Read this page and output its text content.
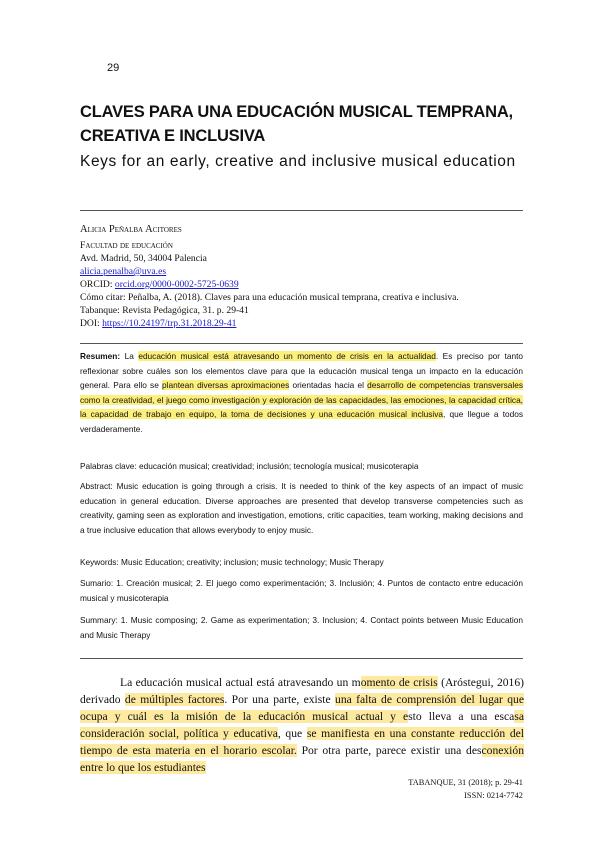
29
CLAVES PARA UNA EDUCACIÓN MUSICAL TEMPRANA, CREATIVA E INCLUSIVA
Keys for an early, creative and inclusive musical education
Alicia Peñalba Acitores
Facultad de educación
Avd. Madrid, 50, 34004 Palencia
alicia.penalba@uva.es
ORCID: orcid.org/0000-0002-5725-0639
Cómo citar: Peñalba, A. (2018). Claves para una educación musical temprana, creativa e inclusiva.
Tabanque: Revista Pedagógica, 31. p. 29-41
DOI: https://10.24197/trp.31.2018.29-41
Resumen: La educación musical está atravesando un momento de crisis en la actualidad. Es preciso por tanto reflexionar sobre cuáles son los elementos clave para que la educación musical tenga un impacto en la educación general. Para ello se plantean diversas aproximaciones orientadas hacia el desarrollo de competencias transversales como la creatividad, el juego como investigación y exploración de las capacidades, las emociones, la capacidad crítica, la capacidad de trabajo en equipo, la toma de decisiones y una educación musical inclusiva, que llegue a todos verdaderamente.
Palabras clave: educación musical; creatividad; inclusión; tecnología musical; musicoterapia
Abstract: Music education is going through a crisis. It is needed to think of the key aspects of an impact of music education in general education. Diverse approaches are presented that develop transverse competencies such as creativity, gaming seen as exploration and investigation, emotions, critic capacities, team working, making decisions and a true inclusive education that allows everybody to enjoy music.
Keywords: Music Education; creativity; inclusion; music technology; Music Therapy
Sumario: 1. Creación musical; 2. El juego como experimentación; 3. Inclusión; 4. Puntos de contacto entre educación musical y musicoterapia
Summary: 1. Music composing; 2. Game as experimentation; 3. Inclusion; 4. Contact points between Music Education and Music Therapy
La educación musical actual está atravesando un momento de crisis (Aróstegui, 2016) derivado de múltiples factores. Por una parte, existe una falta de comprensión del lugar que ocupa y cuál es la misión de la educación musical actual y esto lleva a una escasa consideración social, política y educativa, que se manifiesta en una constante reducción del tiempo de esta materia en el horario escolar. Por otra parte, parece existir una desconexión entre lo que los estudiantes
TABANQUE, 31 (2018); p. 29-41
ISSN: 0214-7742
